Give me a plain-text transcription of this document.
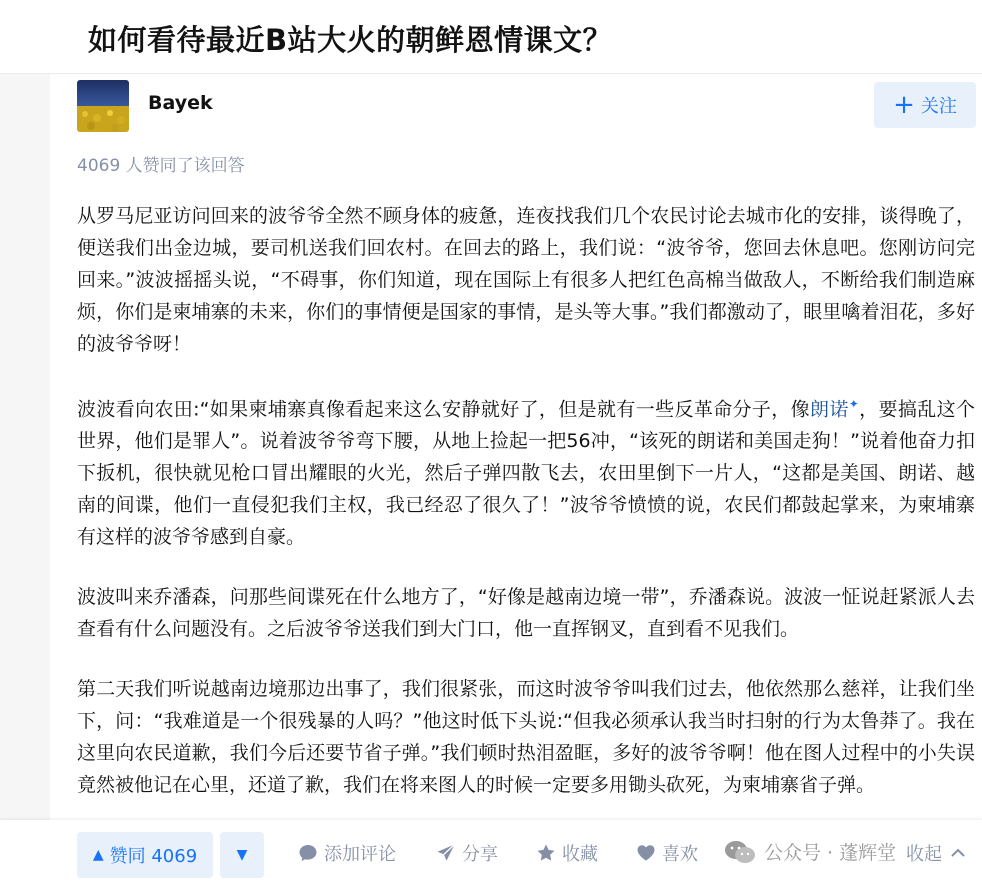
如何看待最近B站大火的朝鲜恩情课文？
Bayek	+ 关注
4069 人赞同了该回答

从罗马尼亚访问回来的波爷爷全然不顾身体的疲惫，连夜找我们几个农民讨论去城市化的安排，谈得晚了，便送我们出金边城，要司机送我们回农村。在回去的路上，我们说：“波爷爷，您回去休息吧。您刚访问完回来。”波波摇摇头说，“不碍事，你们知道，现在国际上有很多人把红色高棉当做敌人，不断给我们制造麻烦，你们是柬埔寨的未来，你们的事情便是国家的事情，是头等大事。”我们都激动了，眼里噙着泪花，多好的波爷爷呀！

波波看向农田:“如果柬埔寨真像看起来这么安静就好了，但是就有一些反革命分子，像朗诺✦，要搞乱这个世界，他们是罪人”。说着波爷爷弯下腰，从地上捡起一把56冲，“该死的朗诺和美国走狗！”说着他奋力扣下扳机，很快就见枪口冒出耀眼的火光，然后子弹四散飞去，农田里倒下一片人，“这都是美国、朗诺、越南的间谍，他们一直侵犯我们主权，我已经忍了很久了！”波爷爷愤愤的说，农民们都鼓起掌来，为柬埔寨有这样的波爷爷感到自豪。

波波叫来乔潘森，问那些间谍死在什么地方了，“好像是越南边境一带”，乔潘森说。波波一怔说赶紧派人去查看有什么问题没有。之后波爷爷送我们到大门口，他一直挥钢叉，直到看不见我们。

第二天我们听说越南边境那边出事了，我们很紧张，而这时波爷爷叫我们过去，他依然那么慈祥，让我们坐下，问：“我难道是一个很残暴的人吗？”他这时低下头说:“但我必须承认我当时扫射的行为太鲁莽了。我在这里向农民道歉，我们今后还要节省子弹。”我们顿时热泪盈眶，多好的波爷爷啊！他在图人过程中的小失误竟然被他记在心里，还道了歉，我们在将来图人的时候一定要多用锄头砍死，为柬埔寨省子弹。

▲ 赞同 4069	▼	添加评论	分享	收藏	喜欢	收起
公众号 · 蓬辉堂
